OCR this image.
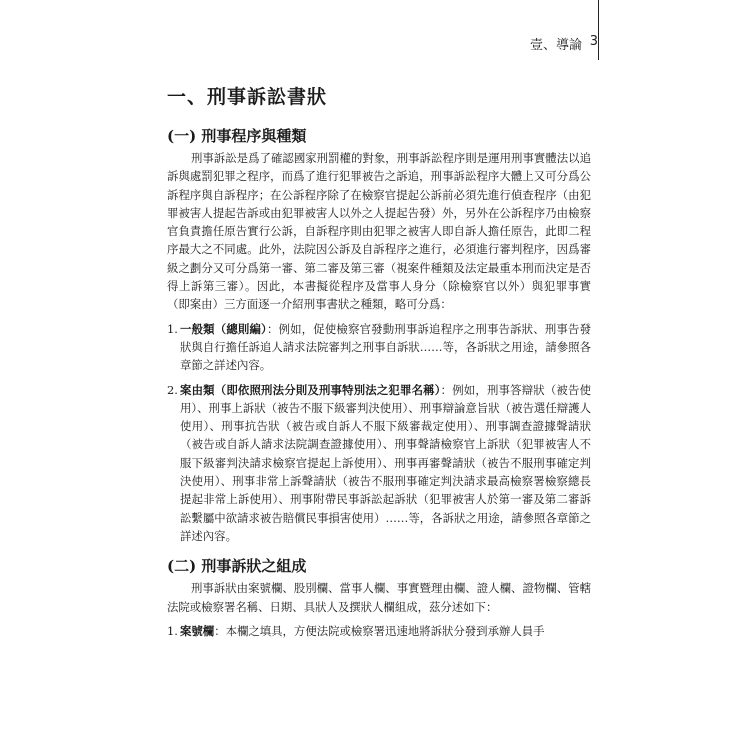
壹、導論 3
一、刑事訴訟書狀
(一) 刑事程序與種類

刑事訴訟是爲了確認國家刑罰權的對象，刑事訴訟程序則是運用刑事實體法以追訴與處罰犯罪之程序，而爲了進行犯罪被告之訴追，刑事訴訟程序大體上又可分爲公訴程序與自訴程序；在公訴程序除了在檢察官提起公訴前必須先進行偵查程序（由犯罪被害人提起告訴或由犯罪被害人以外之人提起告發）外，另外在公訴程序乃由檢察官負責擔任原告實行公訴，自訴程序則由犯罪之被害人即自訴人擔任原告，此即二程序最大之不同處。此外，法院因公訴及自訴程序之進行，必須進行審判程序，因爲審級之劃分又可分爲第一審、第二審及第三審（視案件種類及法定最重本刑而決定是否得上訴第三審）。因此，本書擬從程序及當事人身分（除檢察官以外）與犯罪事實（即案由）三方面逐一介紹刑事書狀之種類，略可分爲：

1. 一般類（總則編）：例如，促使檢察官發動刑事訴追程序之刑事告訴狀、刑事告發狀與自行擔任訴追人請求法院審判之刑事自訴狀……等，各訴狀之用途，請參照各章節之詳述內容。
2. 案由類（即依照刑法分則及刑事特別法之犯罪名稱）：例如，刑事答辯狀（被告使用）、刑事上訴狀（被告不服下級審判決使用）、刑事辯論意旨狀（被告選任辯護人使用）、刑事抗告狀（被告或自訴人不服下級審裁定使用）、刑事調查證據聲請狀（被告或自訴人請求法院調查證據使用）、刑事聲請檢察官上訴狀（犯罪被害人不服下級審判決請求檢察官提起上訴使用）、刑事再審聲請狀（被告不服刑事確定判決使用）、刑事非常上訴聲請狀（被告不服刑事確定判決請求最高檢察署檢察總長提起非常上訴使用）、刑事附帶民事訴訟起訴狀（犯罪被害人於第一審及第二審訴訟繫屬中欲請求被告賠償民事損害使用）……等，各訴狀之用途，請參照各章節之詳述內容。
(二) 刑事訴狀之組成

刑事訴狀由案號欄、股別欄、當事人欄、事實暨理由欄、證人欄、證物欄、管轄法院或檢察署名稱、日期、具狀人及撰狀人欄組成，茲分述如下：

1. 案號欄：本欄之填具，方便法院或檢察署迅速地將訴狀分發到承辦人員手
